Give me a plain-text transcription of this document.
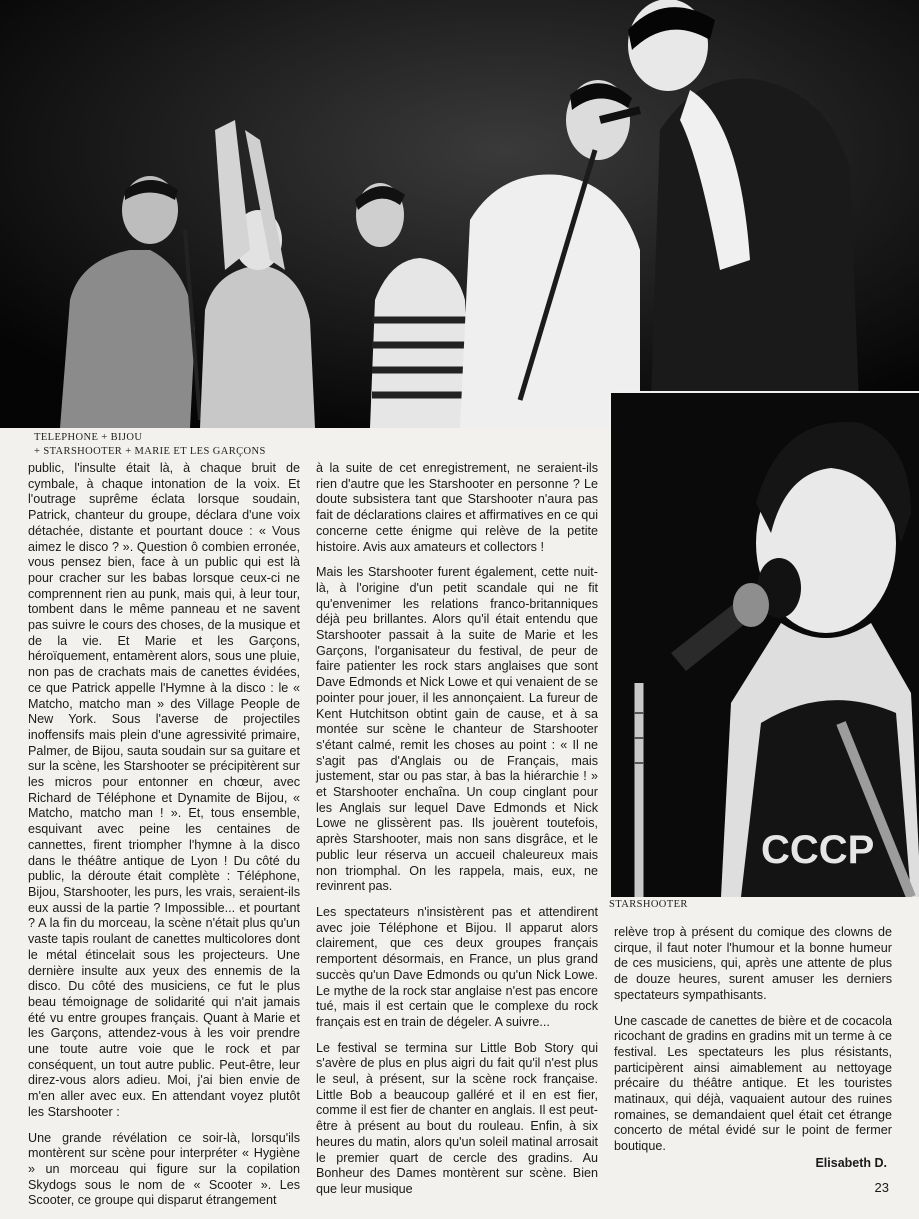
CCCP
TELEPHONE + BIJOU
+ STARSHOOTER + MARIE ET LES GARÇONS
STARSHOOTER

public, l'insulte était là, à chaque bruit de cymbale, à chaque intonation de la voix. Et l'outrage suprême éclata lorsque soudain, Patrick, chanteur du groupe, déclara d'une voix détachée, distante et pourtant douce : « Vous aimez le disco ? ». Question ô combien erronée, vous pensez bien, face à un public qui est là pour cracher sur les babas lorsque ceux-ci ne comprennent rien au punk, mais qui, à leur tour, tombent dans le même panneau et ne savent pas suivre le cours des choses, de la musique et de la vie. Et Marie et les Garçons, héroïquement, entamèrent alors, sous une pluie, non pas de crachats mais de canettes évidées, ce que Patrick appelle l'Hymne à la disco : le « Matcho, matcho man » des Village People de New York. Sous l'averse de projectiles inoffensifs mais plein d'une agressivité primaire, Palmer, de Bijou, sauta soudain sur sa guitare et sur la scène, les Starshooter se précipitèrent sur les micros pour entonner en chœur, avec Richard de Téléphone et Dynamite de Bijou, « Matcho, matcho man ! ». Et, tous ensemble, esquivant avec peine les centaines de cannettes, firent triompher l'hymne à la disco dans le théâtre antique de Lyon ! Du côté du public, la déroute était complète : Téléphone, Bijou, Starshooter, les purs, les vrais, seraient-ils eux aussi de la partie ? Impossible... et pourtant ? A la fin du morceau, la scène n'était plus qu'un vaste tapis roulant de canettes multicolores dont le métal étincelait sous les projecteurs. Une dernière insulte aux yeux des ennemis de la disco. Du côté des musiciens, ce fut le plus beau témoignage de solidarité qui n'ait jamais été vu entre groupes français. Quant à Marie et les Garçons, attendez-vous à les voir prendre une toute autre voie que le rock et par conséquent, un tout autre public. Peut-être, leur direz-vous alors adieu. Moi, j'ai bien envie de m'en aller avec eux. En attendant voyez plutôt les Starshooter :

Une grande révélation ce soir-là, lorsqu'ils montèrent sur scène pour interpréter « Hygiène » un morceau qui figure sur la copilation Skydogs sous le nom de « Scooter ». Les Scooter, ce groupe qui disparut étrangement

à la suite de cet enregistrement, ne seraient-ils rien d'autre que les Starshooter en personne ? Le doute subsistera tant que Starshooter n'aura pas fait de déclarations claires et affirmatives en ce qui concerne cette énigme qui relève de la petite histoire. Avis aux amateurs et collectors !

Mais les Starshooter furent également, cette nuit-là, à l'origine d'un petit scandale qui ne fit qu'envenimer les relations franco-britanniques déjà peu brillantes. Alors qu'il était entendu que Starshooter passait à la suite de Marie et les Garçons, l'organisateur du festival, de peur de faire patienter les rock stars anglaises que sont Dave Edmonds et Nick Lowe et qui venaient de se pointer pour jouer, il les annonçaient. La fureur de Kent Hutchitson obtint gain de cause, et à sa montée sur scène le chanteur de Starshooter s'étant calmé, remit les choses au point : « Il ne s'agit pas d'Anglais ou de Français, mais justement, star ou pas star, à bas la hiérarchie ! » et Starshooter enchaîna. Un coup cinglant pour les Anglais sur lequel Dave Edmonds et Nick Lowe ne glissèrent pas. Ils jouèrent toutefois, après Starshooter, mais non sans disgrâce, et le public leur réserva un accueil chaleureux mais non triomphal. On les rappela, mais, eux, ne revinrent pas.

Les spectateurs n'insistèrent pas et attendirent avec joie Téléphone et Bijou. Il apparut alors clairement, que ces deux groupes français remportent désormais, en France, un plus grand succès qu'un Dave Edmonds ou qu'un Nick Lowe. Le mythe de la rock star anglaise n'est pas encore tué, mais il est certain que le complexe du rock français est en train de dégeler. A suivre...

Le festival se termina sur Little Bob Story qui s'avère de plus en plus aigri du fait qu'il n'est plus le seul, à présent, sur la scène rock française. Little Bob a beaucoup galléré et il en est fier, comme il est fier de chanter en anglais. Il est peut-être à présent au bout du rouleau. Enfin, à six heures du matin, alors qu'un soleil matinal arrosait le premier quart de cercle des gradins. Au Bonheur des Dames montèrent sur scène. Bien que leur musique

relève trop à présent du comique des clowns de cirque, il faut noter l'humour et la bonne humeur de ces musiciens, qui, après une attente de plus de douze heures, surent amuser les derniers spectateurs sympathisants.

Une cascade de canettes de bière et de cocacola ricochant de gradins en gradins mit un terme à ce festival. Les spectateurs les plus résistants, participèrent ainsi aimablement au nettoyage précaire du théâtre antique. Et les touristes matinaux, qui déjà, vaquaient autour des ruines romaines, se demandaient quel était cet étrange concerto de métal évidé sur le point de fermer boutique.

Elisabeth D.
23
